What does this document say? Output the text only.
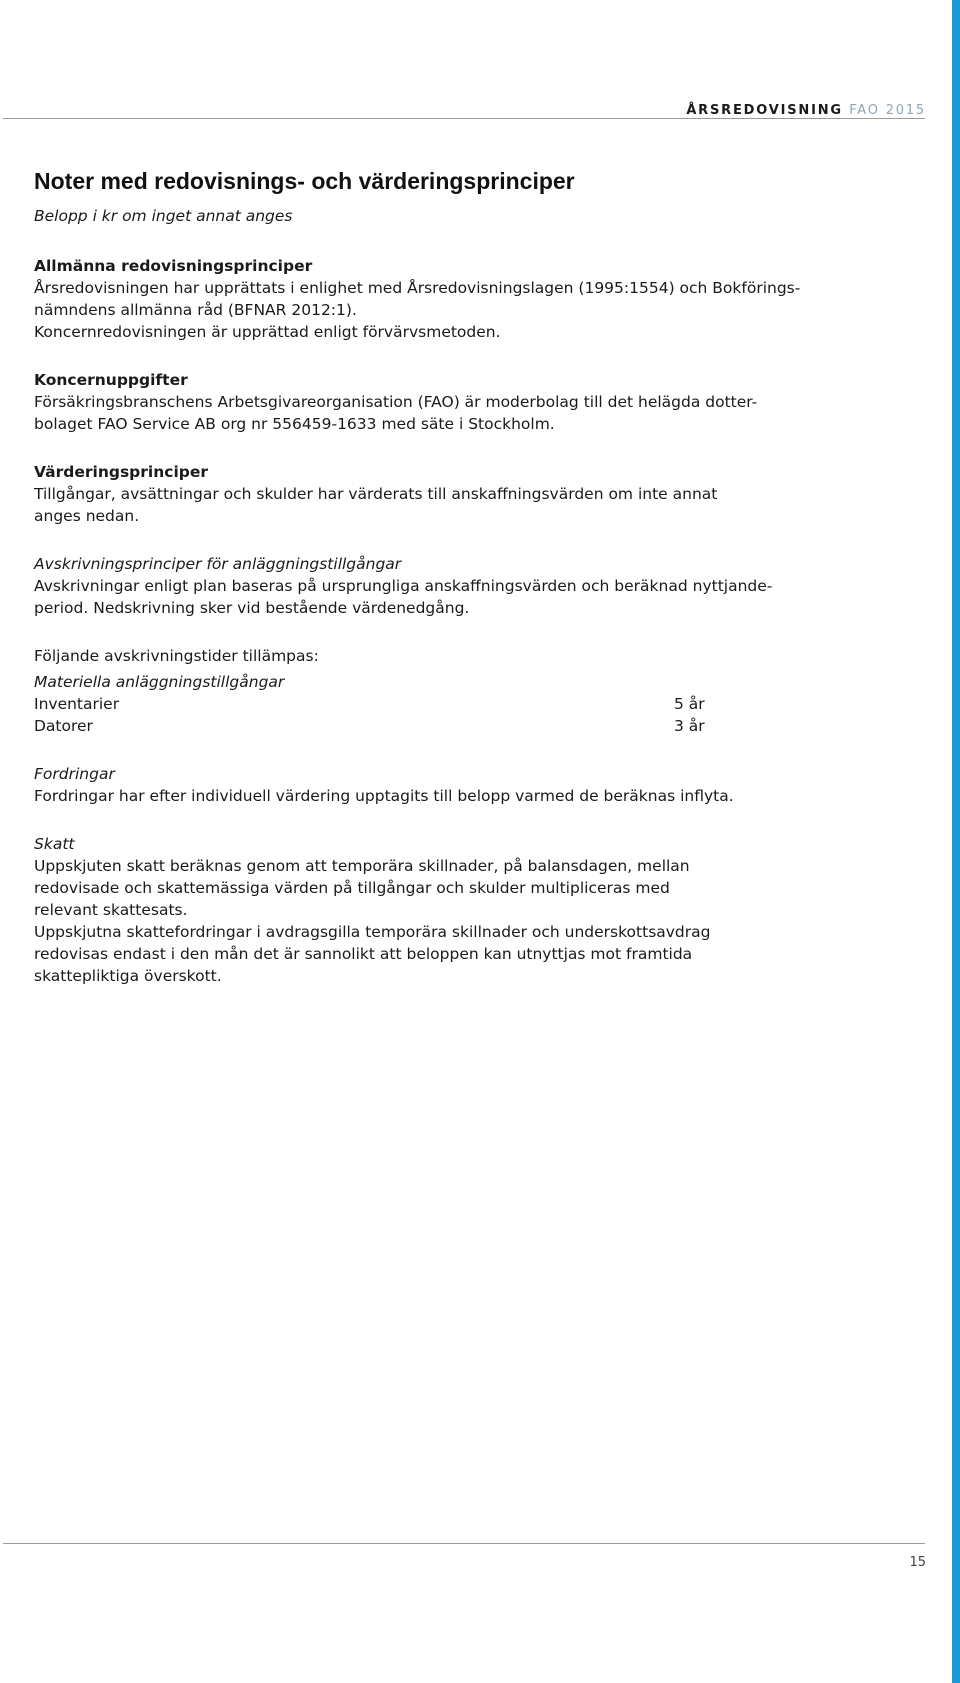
ÅRSREDOVISNING FAO 2015
Noter med redovisnings- och värderingsprinciper
Belopp i kr om inget annat anges
Allmänna redovisningsprinciper
Årsredovisningen har upprättats i enlighet med Årsredovisningslagen (1995:1554) och Bokförings-
nämndens allmänna råd (BFNAR 2012:1).
Koncernredovisningen är upprättad enligt förvärvsmetoden.
Koncernuppgifter
Försäkringsbranschens Arbetsgivareorganisation (FAO) är moderbolag till det helägda dotter-
bolaget FAO Service AB org nr 556459-1633 med säte i Stockholm.
Värderingsprinciper
Tillgångar, avsättningar och skulder har värderats till anskaffningsvärden om inte annat
anges nedan.
Avskrivningsprinciper för anläggningstillgångar
Avskrivningar enligt plan baseras på ursprungliga anskaffningsvärden och beräknad nyttjande-
period. Nedskrivning sker vid bestående värdenedgång.
Följande avskrivningstider tillämpas:
Materiella anläggningstillgångar
Inventarier	5 år
Datorer	3 år
Fordringar
Fordringar har efter individuell värdering upptagits till belopp varmed de beräknas inflyta.
Skatt
Uppskjuten skatt beräknas genom att temporära skillnader, på balansdagen, mellan
redovisade och skattemässiga värden på tillgångar och skulder multipliceras med
relevant skattesats.
Uppskjutna skattefordringar i avdragsgilla temporära skillnader och underskottsavdrag
redovisas endast i den mån det är sannolikt att beloppen kan utnyttjas mot framtida
skattepliktiga överskott.
15
